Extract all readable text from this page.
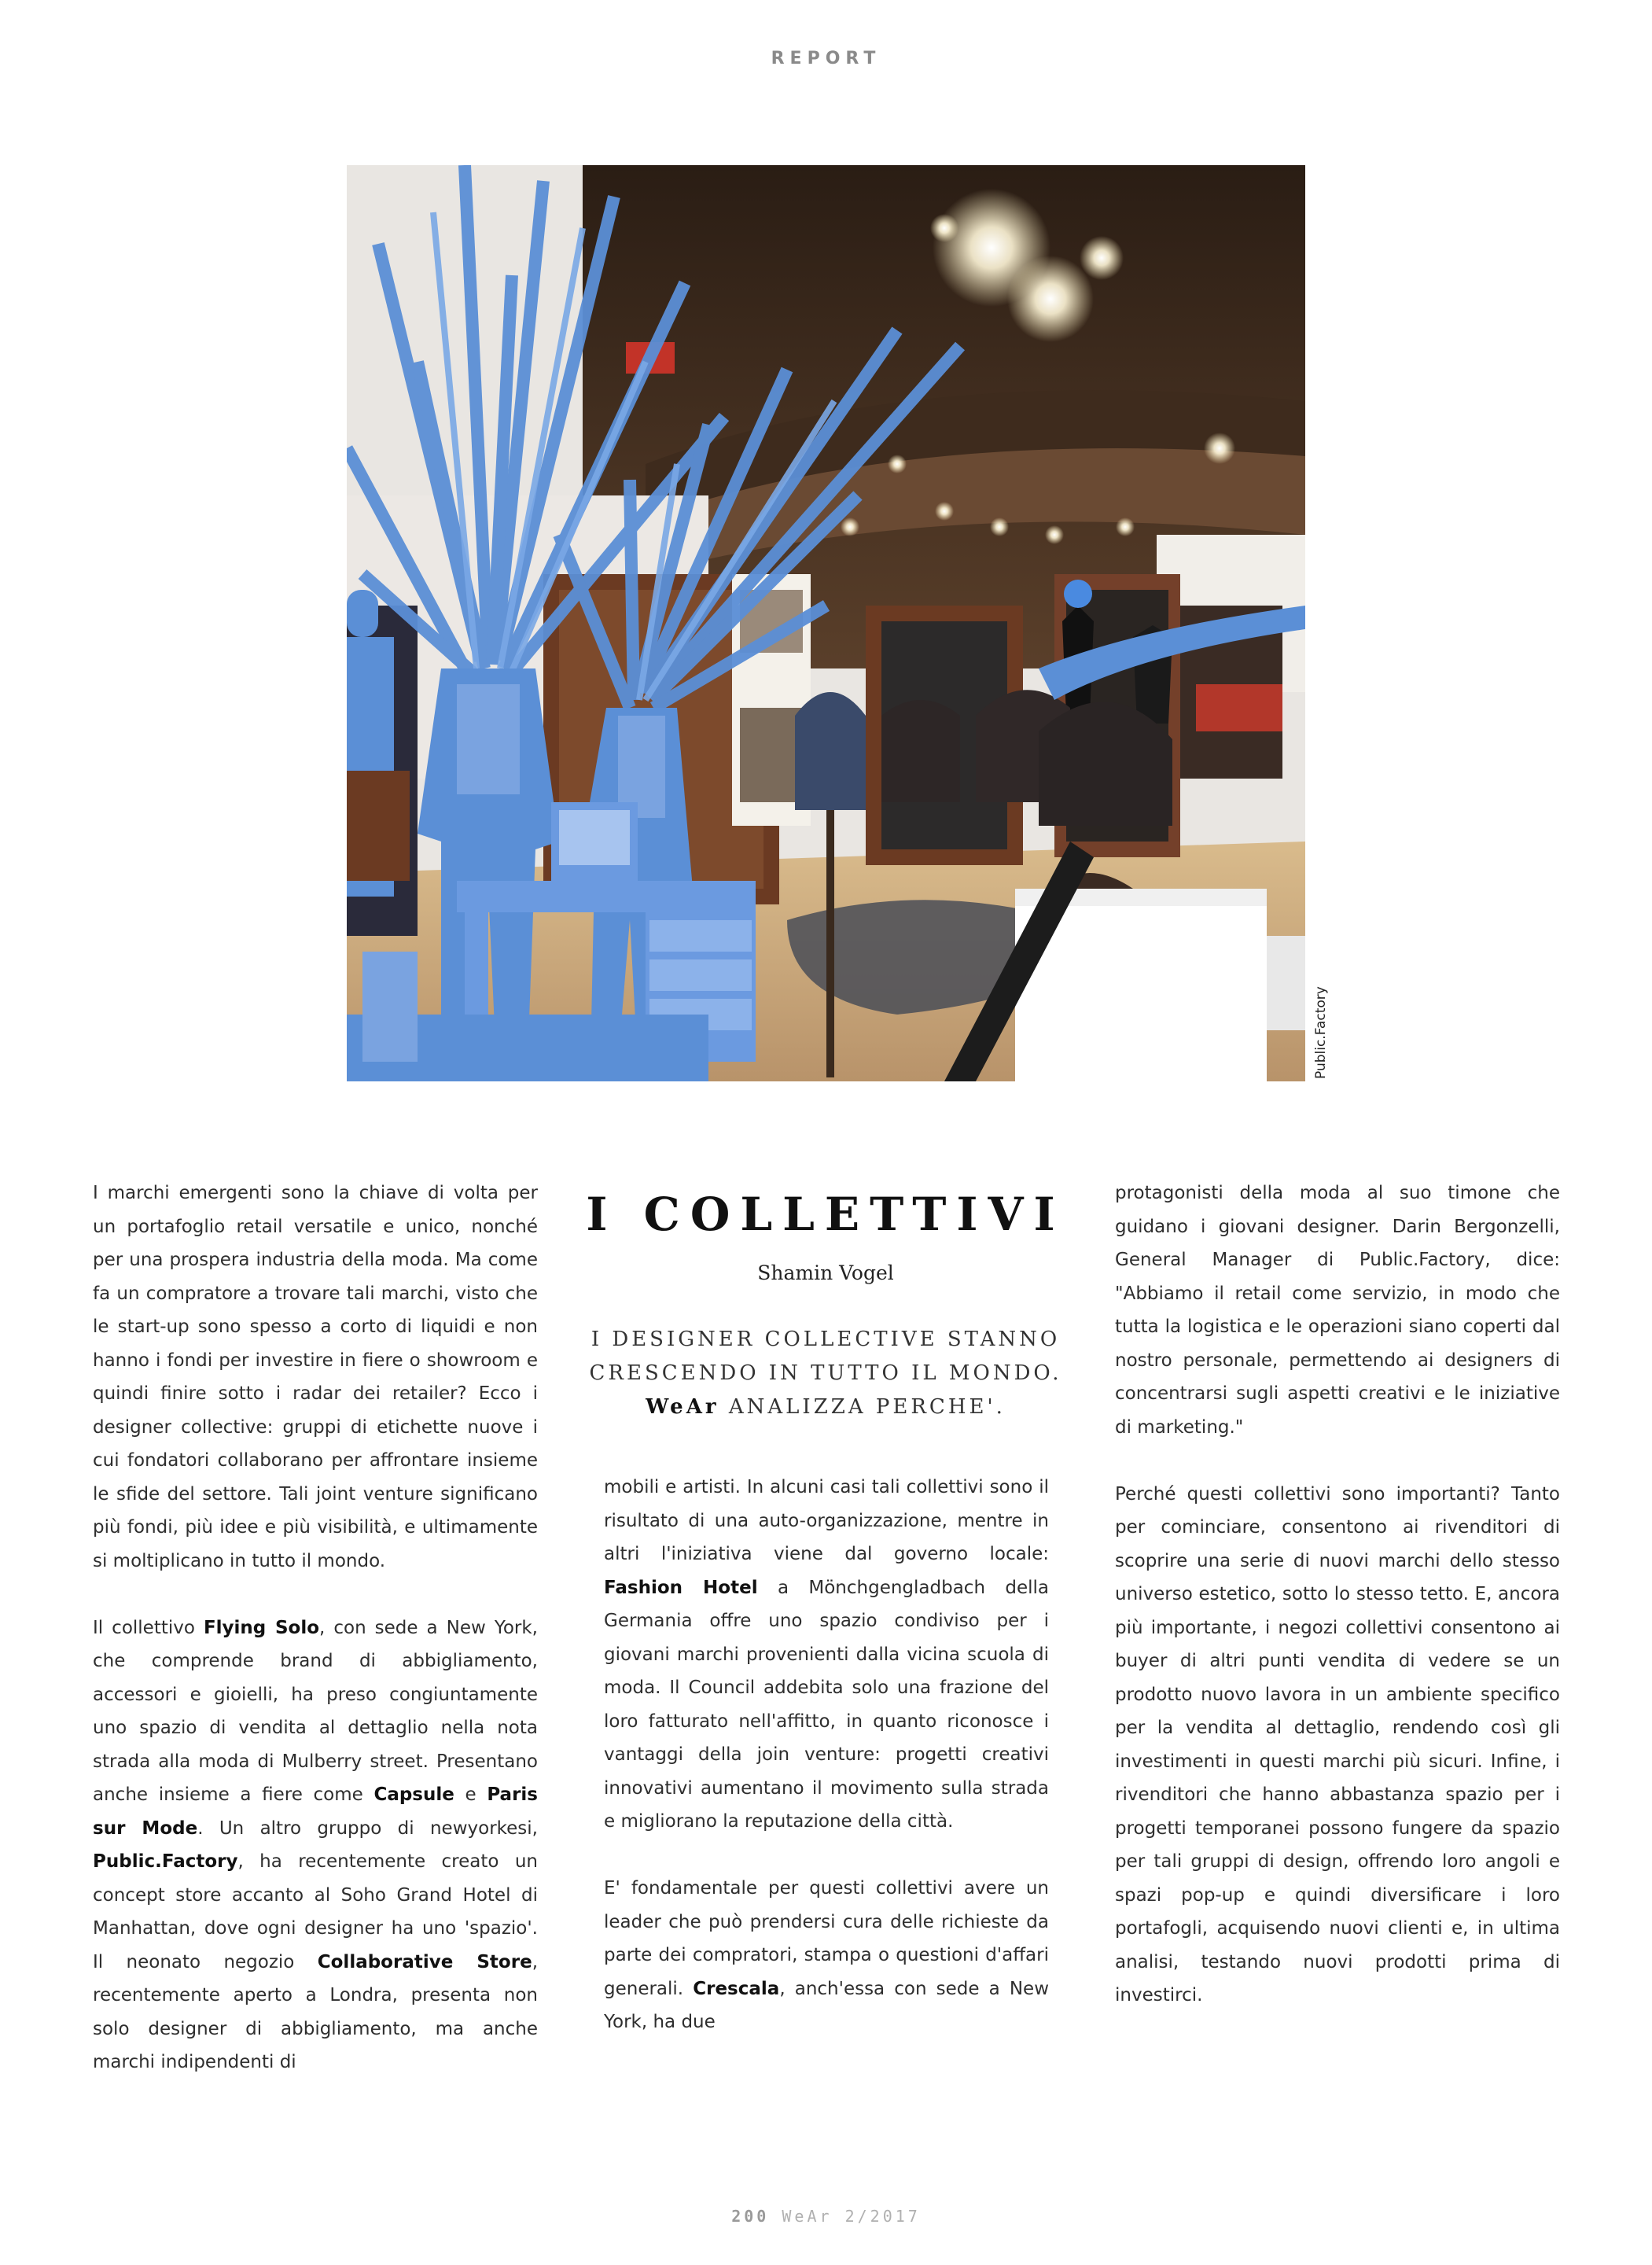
REPORT
Public.Factory

I marchi emergenti sono la chiave di volta per un portafoglio retail versatile e unico, nonché per una prospera industria della moda. Ma come fa un compratore a trovare tali marchi, visto che le start-up sono spesso a corto di liquidi e non hanno i fondi per investire in fiere o showroom e quindi finire sotto i radar dei retailer? Ecco i designer collective: gruppi di etichette nuove i cui fondatori collaborano per affrontare insieme le sfide del settore. Tali joint venture significano più fondi, più idee e più visibilità, e ultimamente si moltiplicano in tutto il mondo.

Il collettivo Flying Solo, con sede a New York, che comprende brand di abbigliamento, accessori e gioielli, ha preso congiuntamente uno spazio di vendita al dettaglio nella nota strada alla moda di Mulberry street. Presentano anche insieme a fiere come Capsule e Paris sur Mode. Un altro gruppo di newyorkesi, Public.Factory, ha recentemente creato un concept store accanto al Soho Grand Hotel di Manhattan, dove ogni designer ha uno 'spazio'. Il neonato negozio Collaborative Store, recentemente aperto a Londra, presenta non solo designer di abbigliamento, ma anche marchi indipendenti di

I COLLETTIVI
Shamin Vogel
I DESIGNER COLLECTIVE STANNO
CRESCENDO IN TUTTO IL MONDO.
WeAr ANALIZZA PERCHE'.

mobili e artisti. In alcuni casi tali collettivi sono il risultato di una auto-organizzazione, mentre in altri l'iniziativa viene dal governo locale: Fashion Hotel a Mönchgengladbach della Germania offre uno spazio condiviso per i giovani marchi provenienti dalla vicina scuola di moda. Il Council addebita solo una frazione del loro fatturato nell'affitto, in quanto riconosce i vantaggi della join venture: progetti creativi innovativi aumentano il movimento sulla strada e migliorano la reputazione della città.

E' fondamentale per questi collettivi avere un leader che può prendersi cura delle richieste da parte dei compratori, stampa o questioni d'affari generali. Crescala, anch'essa con sede a New York, ha due

protagonisti della moda al suo timone che guidano i giovani designer. Darin Bergonzelli, General Manager di Public.Factory, dice: "Abbiamo il retail come servizio, in modo che tutta la logistica e le operazioni siano coperti dal nostro personale, permettendo ai designers di concentrarsi sugli aspetti creativi e le iniziative di marketing."

Perché questi collettivi sono importanti? Tanto per cominciare, consentono ai rivenditori di scoprire una serie di nuovi marchi dello stesso universo estetico, sotto lo stesso tetto. E, ancora più importante, i negozi collettivi consentono ai buyer di altri punti vendita di vedere se un prodotto nuovo lavora in un ambiente specifico per la vendita al dettaglio, rendendo così gli investimenti in questi marchi più sicuri. Infine, i rivenditori che hanno abbastanza spazio per i progetti temporanei possono fungere da spazio per tali gruppi di design, offrendo loro angoli e spazi pop-up e quindi diversificare i loro portafogli, acquisendo nuovi clienti e, in ultima analisi, testando nuovi prodotti prima di investirci.

200 WeAr 2/2017
